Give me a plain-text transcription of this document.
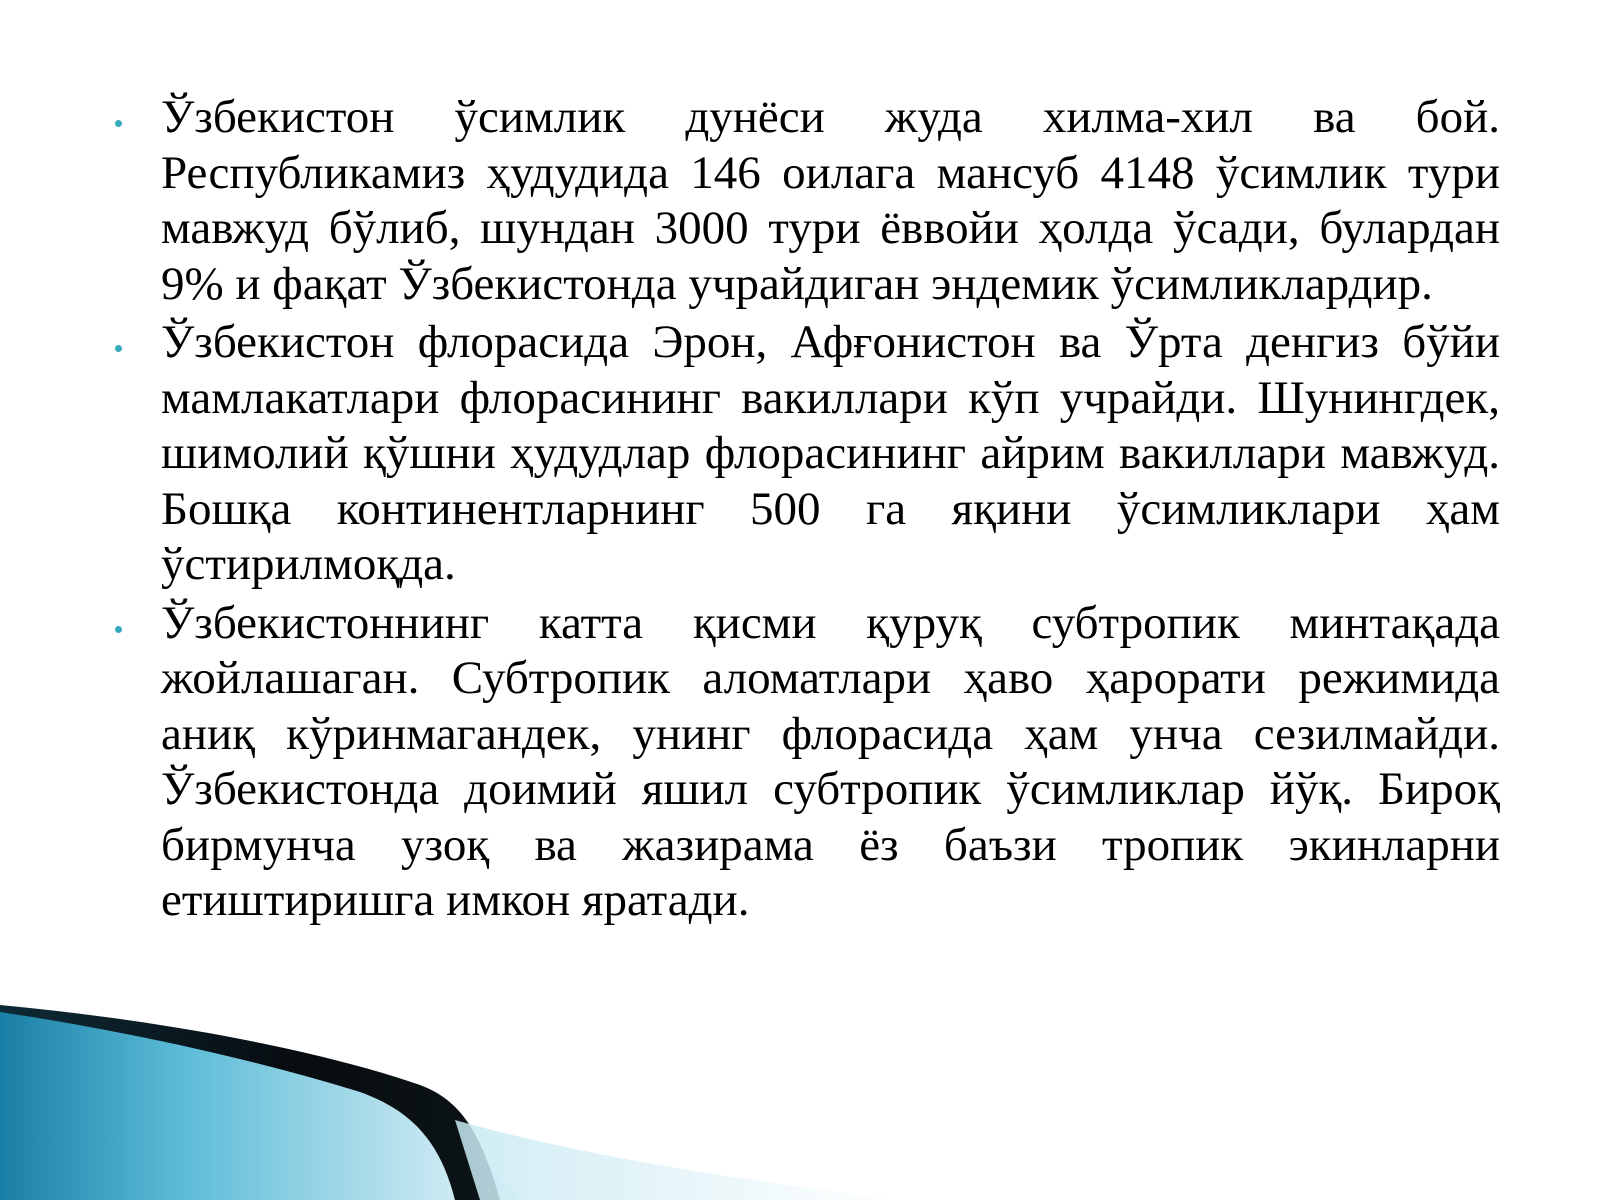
Ўзбекистон ўсимлик дунёси жуда хилма-хил ва бой. Республикамиз ҳудудида 146 оилага мансуб 4148 ўсимлик тури мавжуд бўлиб, шундан 3000 тури ёввойи ҳолда ўсади, булардан 9% и фақат Ўзбекистонда учрайдиган эндемик ўсимликлардир.
Ўзбекистон флорасида Эрон, Афғонистон ва Ўрта денгиз бўйи мамлакатлари флорасининг вакиллари кўп учрайди. Шунингдек, шимолий қўшни ҳудудлар флорасининг айрим вакиллари мавжуд. Бошқа континентларнинг 500 га яқини ўсимликлари ҳам ўстирилмоқда.
Ўзбекистоннинг катта қисми қуруқ субтропик минтақада жойлашаган. Субтропик аломатлари ҳаво ҳарорати режимида аниқ кўринмагандек, унинг флорасида ҳам унча сезилмайди. Ўзбекистонда доимий яшил субтропик ўсимликлар йўқ. Бироқ бирмунча узоқ ва жазирама ёз баъзи тропик экинларни етиштиришга имкон яратади.
